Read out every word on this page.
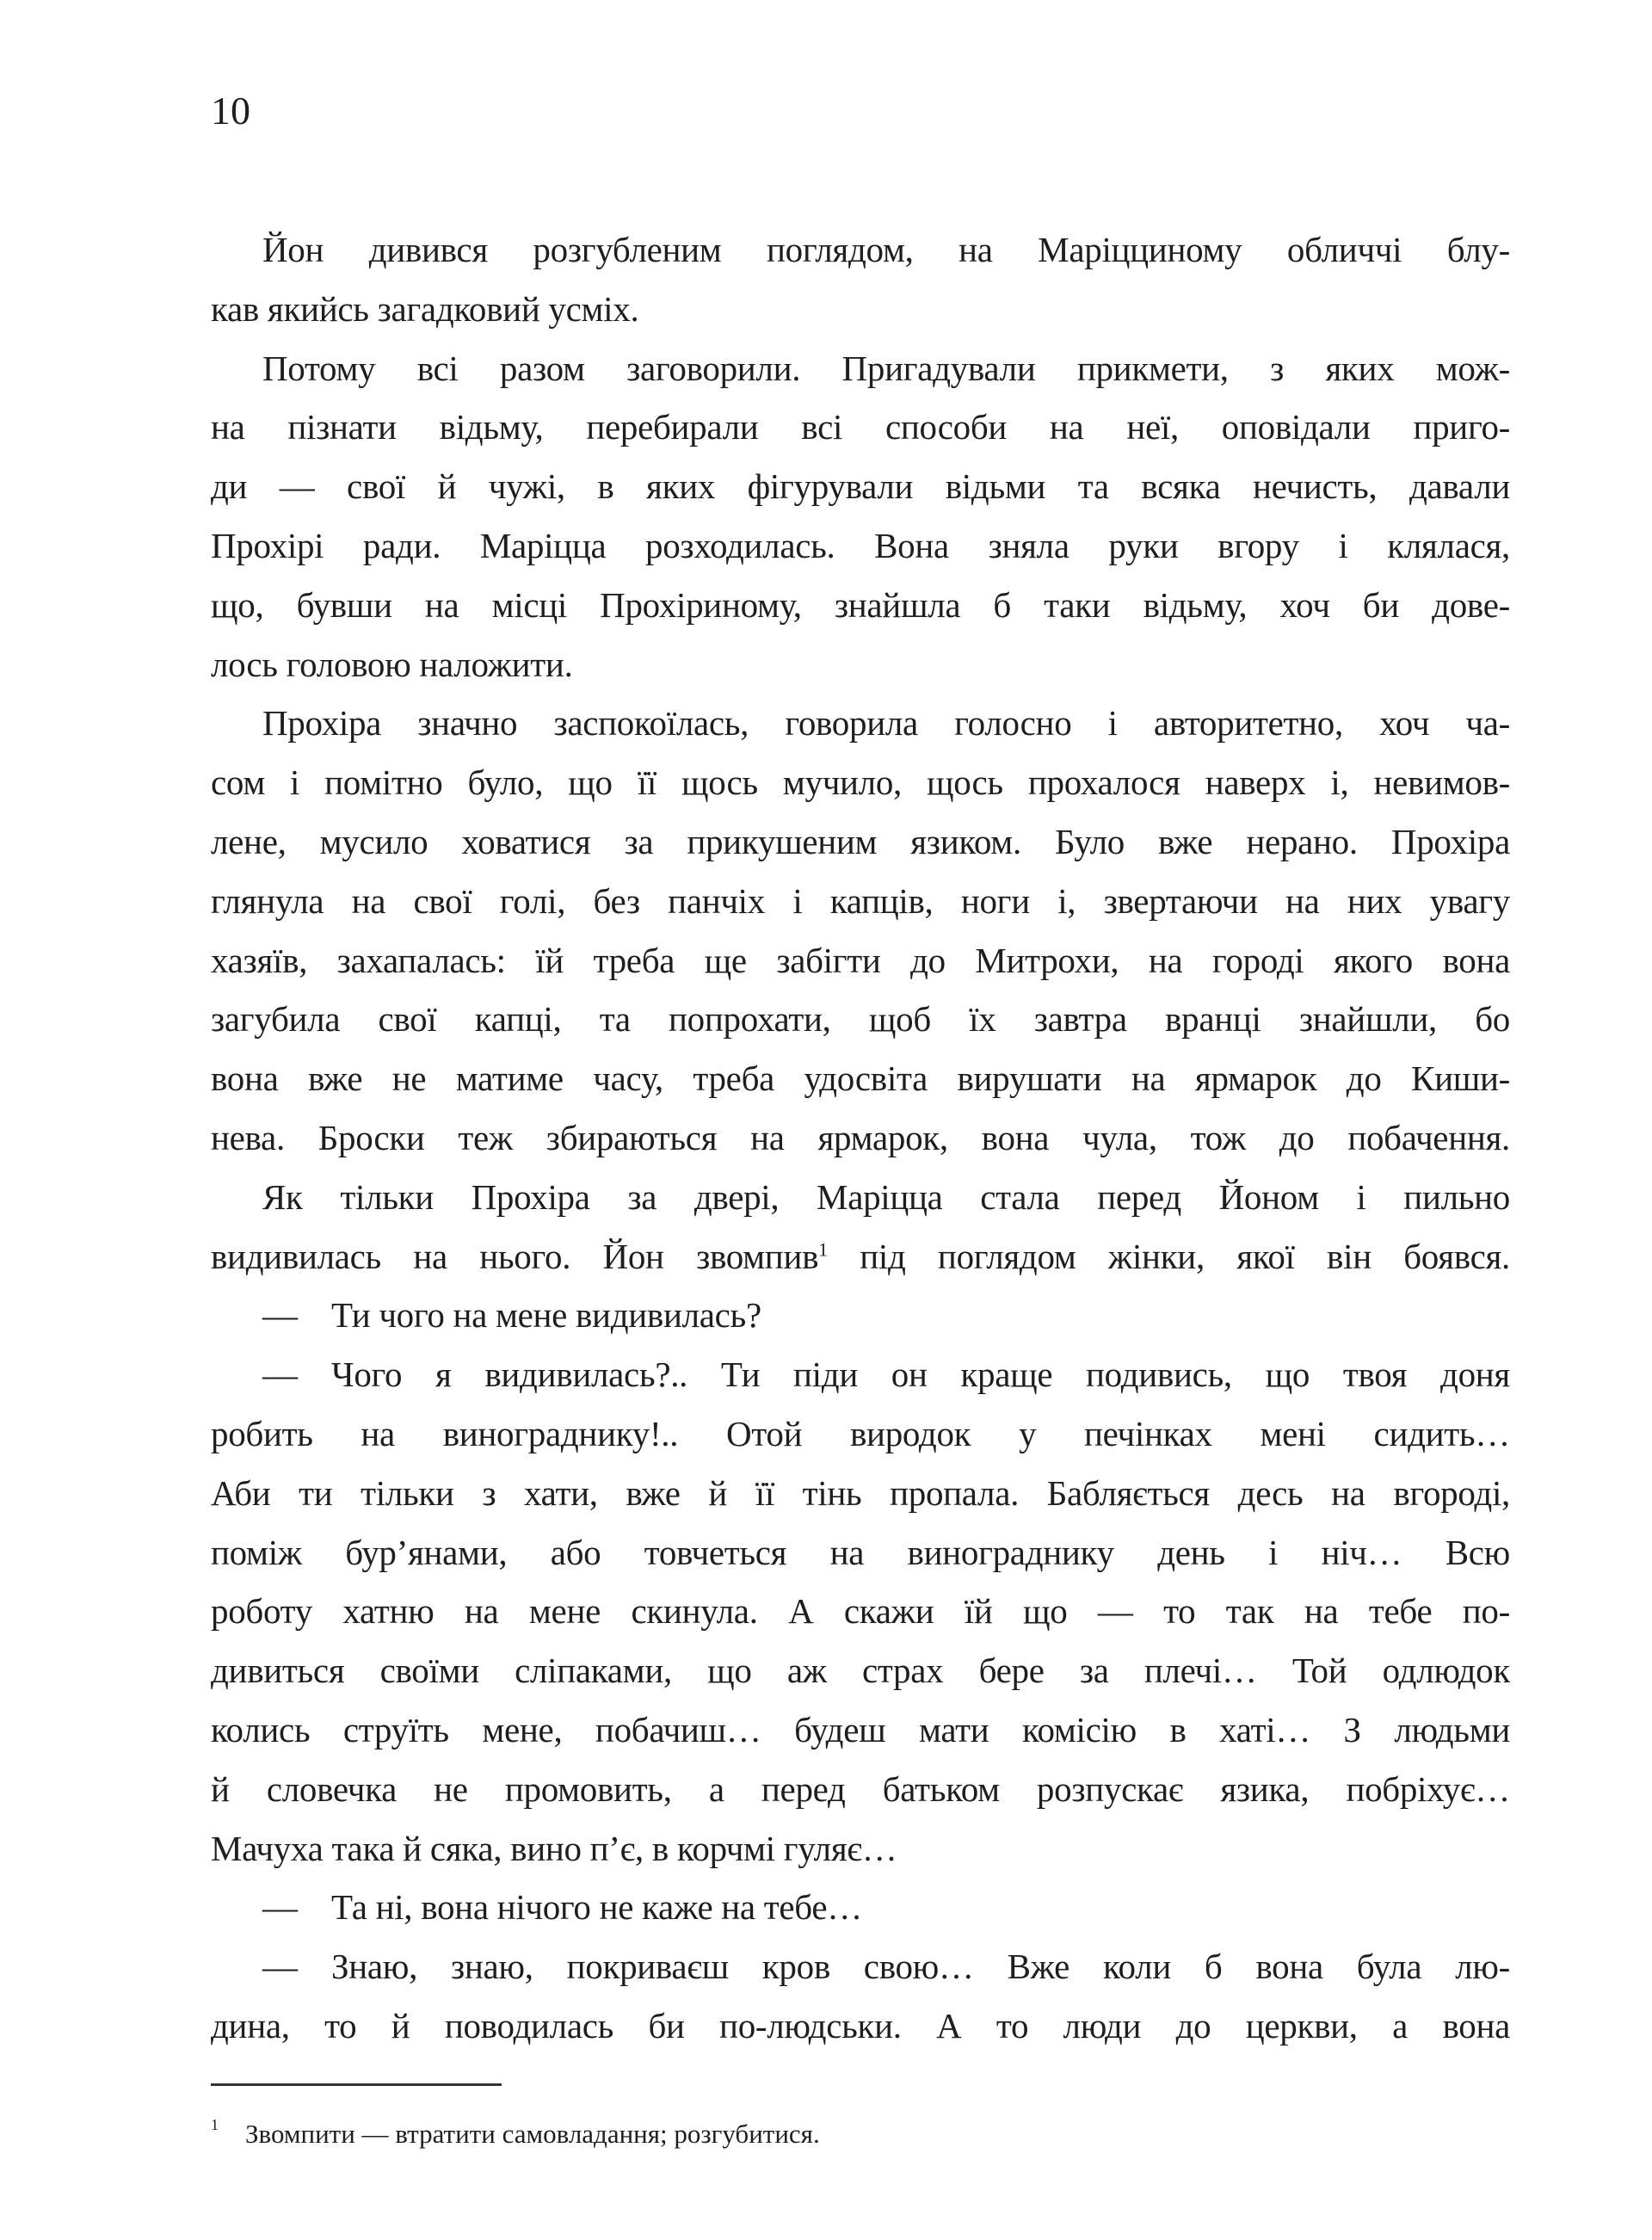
10
Йон дивився розгубленим поглядом, на Маріцциному обличчі блу-
кав якийсь загадковий усміх.
Потому всі разом заговорили. Пригадували прикмети, з яких мож-
на пізнати відьму, перебирали всі способи на неї, оповідали приго-
ди — свої й чужі, в яких фігурували відьми та всяка нечисть, давали
Прохірі ради. Маріцца розходилась. Вона зняла руки вгору і клялася,
що, бувши на місці Прохіриному, знайшла б таки відьму, хоч би дове-
лось головою наложити.
Прохіра значно заспокоїлась, говорила голосно і авторитетно, хоч ча-
сом і помітно було, що її щось мучило, щось прохалося наверх і, невимов-
лене, мусило ховатися за прикушеним язиком. Було вже нерано. Прохіра
глянула на свої голі, без панчіх і капців, ноги і, звертаючи на них увагу
хазяїв, захапалась: їй треба ще забігти до Митрохи, на городі якого вона
загубила свої капці, та попрохати, щоб їх завтра вранці знайшли, бо
вона вже не матиме часу, треба удосвіта вирушати на ярмарок до Киши-
нева. Броски теж збираються на ярмарок, вона чула, тож до побачення.
Як тільки Прохіра за двері, Маріцца стала перед Йоном і пильно
видивилась на нього. Йон звомпив$^1$ під поглядом жінки, якої він боявся.
— Ти чого на мене видивилась?
— Чого я видивилась?.. Ти піди он краще подивись, що твоя доня
робить на винограднику!.. Отой виродок у печінках мені сидить…
Аби ти тільки з хати, вже й її тінь пропала. Бабляється десь на вгороді,
поміж бур’янами, або товчеться на винограднику день і ніч… Всю
роботу хатню на мене скинула. А скажи їй що — то так на тебе по-
дивиться своїми сліпаками, що аж страх бере за плечі… Той одлюдок
колись струїть мене, побачиш… будеш мати комісію в хаті… З людьми
й словечка не промовить, а перед батьком розпускає язика, побріхує…
Мачуха така й сяка, вино п’є, в корчмі гуляє…
— Та ні, вона нічого не каже на тебе…
— Знаю, знаю, покриваєш кров свою… Вже коли б вона була лю-
дина, то й поводилась би по-людськи. А то люди до церкви, а вона
1	Звомпити — втратити самовладання; розгубитися.
